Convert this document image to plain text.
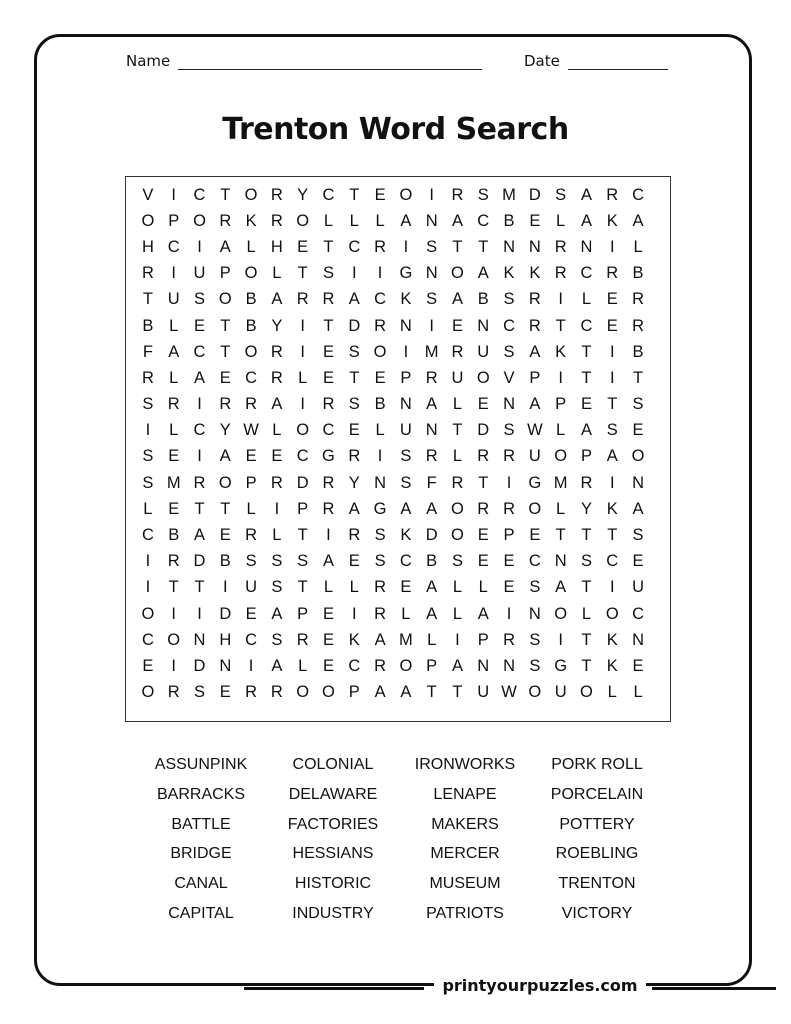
Name	Date
Trenton Word Search
V	I	C T O R Y C T E O	I	R S M D S A R C
O P O R K R O L	L	L A N A C B E L A K A
H C	I	A L H E T C R	I	S T T N N R N	I	L
R	I	U P O L T S	I	I	G N O A K K R C R B
T U S O B A R R A C K S A B S R	I	L E R
B L E T B Y	I	T D R N	I	E N C R T C E R
F A C T O R	I	E S O	I	M R U S A K T	I	B
R L A E C R L E T E P R U O V P	I	T	I	T
S R	I	R R A	I	R S B N A L E N A P E T S
I	L C Y W L O C E L U N T D S W L A S E
S E	I	A E E C G R	I	S R L R R U O P A O
S M R O P R D R Y N S F R T	I	G M R	I	N
L E T T L	I	P R A G A A O R R O L Y K A
C B A E R L T	I	R S K D O E P E T T T S
I	R D B S S S A E S C B S E E C N S C E
I	T T	I	U S T L	L R E A L	L E S A T	I	U
O	I	I	D E A P E	I	R L A L A	I	N O L O C
C O N H C S R E K A M L	I	P R S	I	T K N
E	I	D N	I	A L E C R O P A N N S G T K E
O R S E R R O O P A A T T U W O U O L	L
ASSUNPINK	COLONIAL	IRONWORKS	PORK ROLL
BARRACKS	DELAWARE	LENAPE	PORCELAIN
BATTLE	FACTORIES	MAKERS	POTTERY
BRIDGE	HESSIANS	MERCER	ROEBLING
CANAL	HISTORIC	MUSEUM	TRENTON
CAPITAL	INDUSTRY	PATRIOTS	VICTORY
printyourpuzzles.com
